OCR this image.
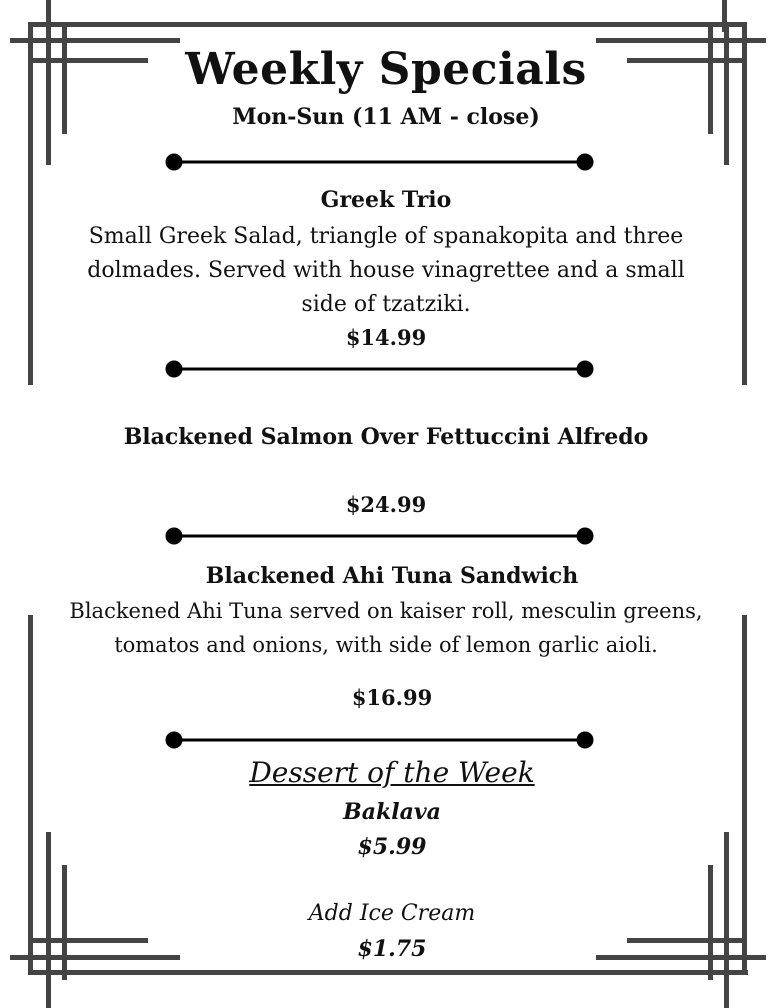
Weekly Specials
Mon-Sun (11 AM - close)
Greek Trio
Small Greek Salad, triangle of spanakopita and three
dolmades. Served with house vinagrettee and a small
side of tzatziki.
$14.99
Blackened Salmon Over Fettuccini Alfredo
$24.99
Blackened Ahi Tuna Sandwich
Blackened Ahi Tuna served on kaiser roll, mesculin greens,
tomatos and onions, with side of lemon garlic aioli.
$16.99
Dessert of the Week
Baklava
$5.99
Add Ice Cream
$1.75
